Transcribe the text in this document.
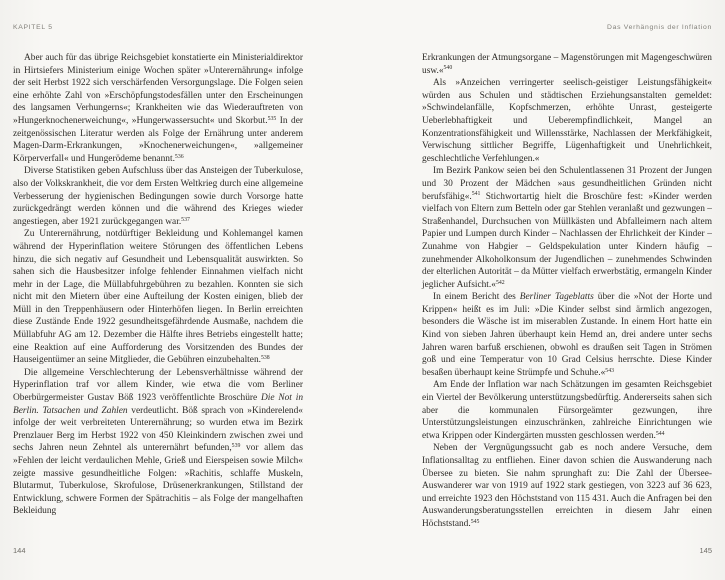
KAPITEL 5

Aber auch für das übrige Reichsgebiet konstatierte ein Ministerialdirektor in Hirtsiefers Ministerium einige Wochen später »Unterernährung« infolge der seit Herbst 1922 sich verschärfenden Versorgungslage. Die Folgen seien eine erhöhte Zahl von »Erschöpfungstodesfällen unter den Erscheinungen des langsamen Verhungerns«; Krankheiten wie das Wiederauftreten von »Hungerknochenerweichung«, »Hungerwassersucht« und Skorbut.$^{535}$ In der zeitgenössischen Literatur werden als Folge der Ernährung unter anderem Magen-Darm-Erkrankungen, »Knochenerweichungen«, »allgemeiner Körperverfall« und Hungerödeme benannt.$^{536}$

Diverse Statistiken geben Aufschluss über das Ansteigen der Tuberkulose, also der Volkskrankheit, die vor dem Ersten Weltkrieg durch eine allgemeine Verbesserung der hygienischen Bedingungen sowie durch Vorsorge hatte zurückgedrängt werden können und die während des Krieges wieder angestiegen, aber 1921 zurückgegangen war.$^{537}$

Zu Unterernährung, notdürftiger Bekleidung und Kohlemangel kamen während der Hyperinflation weitere Störungen des öffentlichen Lebens hinzu, die sich negativ auf Gesundheit und Lebensqualität auswirkten. So sahen sich die Hausbesitzer infolge fehlender Einnahmen vielfach nicht mehr in der Lage, die Müllabfuhrgebühren zu bezahlen. Konnten sie sich nicht mit den Mietern über eine Aufteilung der Kosten einigen, blieb der Müll in den Treppenhäusern oder Hinterhöfen liegen. In Berlin erreichten diese Zustände Ende 1922 gesundheitsgefährdende Ausmaße, nachdem die Müllabfuhr AG am 12. Dezember die Hälfte ihres Betriebs eingestellt hatte; eine Reaktion auf eine Aufforderung des Vorsitzenden des Bundes der Hauseigentümer an seine Mitglieder, die Gebühren einzubehalten.$^{538}$

Die allgemeine Verschlechterung der Lebensverhältnisse während der Hyperinflation traf vor allem Kinder, wie etwa die vom Berliner Oberbürgermeister Gustav Böß 1923 veröffentlichte Broschüre Die Not in Berlin. Tatsachen und Zahlen verdeutlicht. Böß sprach von »Kinderelend« infolge der weit verbreiteten Unterernährung; so wurden etwa im Bezirk Prenzlauer Berg im Herbst 1922 von 450 Kleinkindern zwischen zwei und sechs Jahren neun Zehntel als unterernährt befunden,$^{539}$ vor allem das »Fehlen der leicht verdaulichen Mehle, Grieß und Eierspeisen sowie Milch« zeigte massive gesundheitliche Folgen: »Rachitis, schlaffe Muskeln, Blutarmut, Tuberkulose, Skrofulose, Drüsenerkrankungen, Stillstand der Entwicklung, schwere Formen der Spätrachitis – als Folge der mangelhaften Bekleidung

144
Das Verhängnis der Inflation

Erkrankungen der Atmungsorgane – Magenstörungen mit Magengeschwüren usw.«$^{540}$

Als »Anzeichen verringerter seelisch-geistiger Leistungsfähigkeit« würden aus Schulen und städtischen Erziehungsanstalten gemeldet: »Schwindelanfälle, Kopfschmerzen, erhöhte Unrast, gesteigerte Ueberlebhaftigkeit und Ueberempfindlichkeit, Mangel an Konzentrationsfähigkeit und Willensstärke, Nachlassen der Merkfähigkeit, Verwischung sittlicher Begriffe, Lügenhaftigkeit und Unehrlichkeit, geschlechtliche Verfehlungen.«

Im Bezirk Pankow seien bei den Schulentlassenen 31 Prozent der Jungen und 30 Prozent der Mädchen »aus gesundheitlichen Gründen nicht berufsfähig«.$^{541}$ Stichwortartig hielt die Broschüre fest: »Kinder werden vielfach von Eltern zum Betteln oder gar Stehlen veranlaßt und gezwungen – Straßenhandel, Durchsuchen von Müllkästen und Abfalleimern nach altem Papier und Lumpen durch Kinder – Nachlassen der Ehrlichkeit der Kinder – Zunahme von Habgier – Geldspekulation unter Kindern häufig – zunehmender Alkoholkonsum der Jugendlichen – zunehmendes Schwinden der elterlichen Autorität – da Mütter vielfach erwerbstätig, ermangeln Kinder jeglicher Aufsicht.«$^{542}$

In einem Bericht des Berliner Tageblatts über die »Not der Horte und Krippen« heißt es im Juli: »Die Kinder selbst sind ärmlich angezogen, besonders die Wäsche ist im miserablen Zustande. In einem Hort hatte ein Kind von sieben Jahren überhaupt kein Hemd an, drei andere unter sechs Jahren waren barfuß erschienen, obwohl es draußen seit Tagen in Strömen goß und eine Temperatur von 10 Grad Celsius herrschte. Diese Kinder besaßen überhaupt keine Strümpfe und Schuhe.«$^{543}$

Am Ende der Inflation war nach Schätzungen im gesamten Reichsgebiet ein Viertel der Bevölkerung unterstützungsbedürftig. Andererseits sahen sich aber die kommunalen Fürsorgeämter gezwungen, ihre Unterstützungsleistungen einzuschränken, zahlreiche Einrichtungen wie etwa Krippen oder Kindergärten mussten geschlossen werden.$^{544}$

Neben der Vergnügungssucht gab es noch andere Versuche, dem Inflationsalltag zu entfliehen. Einer davon schien die Auswanderung nach Übersee zu bieten. Sie nahm sprunghaft zu: Die Zahl der Übersee-Auswanderer war von 1919 auf 1922 stark gestiegen, von 3223 auf 36 623, und erreichte 1923 den Höchststand von 115 431. Auch die Anfragen bei den Auswanderungsberatungsstellen erreichten in diesem Jahr einen Höchststand.$^{545}$

145
